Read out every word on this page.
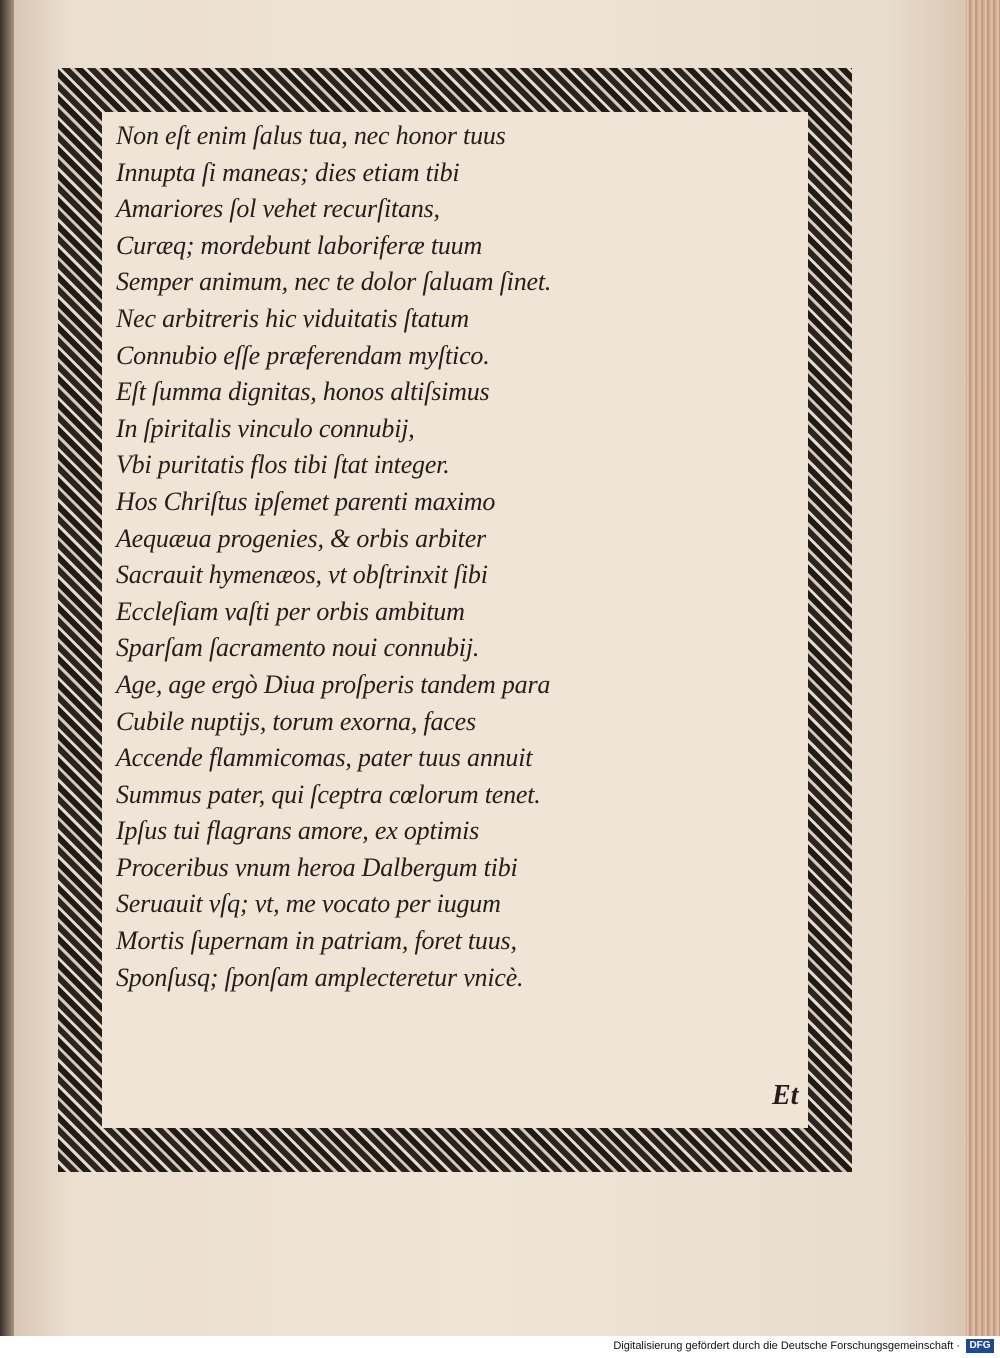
Non eſt enim ſalus tua, nec honor tuus
Innupta ſi maneas; dies etiam tibi
Amariores ſol vehet recurſitans,
Curæq; mordebunt laboriferæ tuum
Semper animum, nec te dolor ſaluam ſinet.
Nec arbitreris hic viduitatis ſtatum
Connubio eſſe præferendam myſtico.
Eſt ſumma dignitas, honos altiſsimus
In ſpiritalis vinculo connubij,
Vbi puritatis flos tibi ſtat integer.
Hos Chriſtus ipſemet parenti maximo
Aequæua progenies, & orbis arbiter
Sacrauit hymenæos, vt obſtrinxit ſibi
Eccleſiam vaſti per orbis ambitum
Sparſam ſacramento noui connubij.
Age, age ergò Diua proſperis tandem para
Cubile nuptijs, torum exorna, faces
Accende flammicomas, pater tuus annuit
Summus pater, qui ſceptra cœlorum tenet.
Ipſus tui flagrans amore, ex optimis
Proceribus vnum heroa Dalbergum tibi
Seruauit vſq; vt, me vocato per iugum
Mortis ſupernam in patriam, foret tuus,
Sponſusq; ſponſam amplecteretur vnicè.
Et
Digitalisierung gefördert durch die Deutsche Forschungsgemeinschaft · DFG
